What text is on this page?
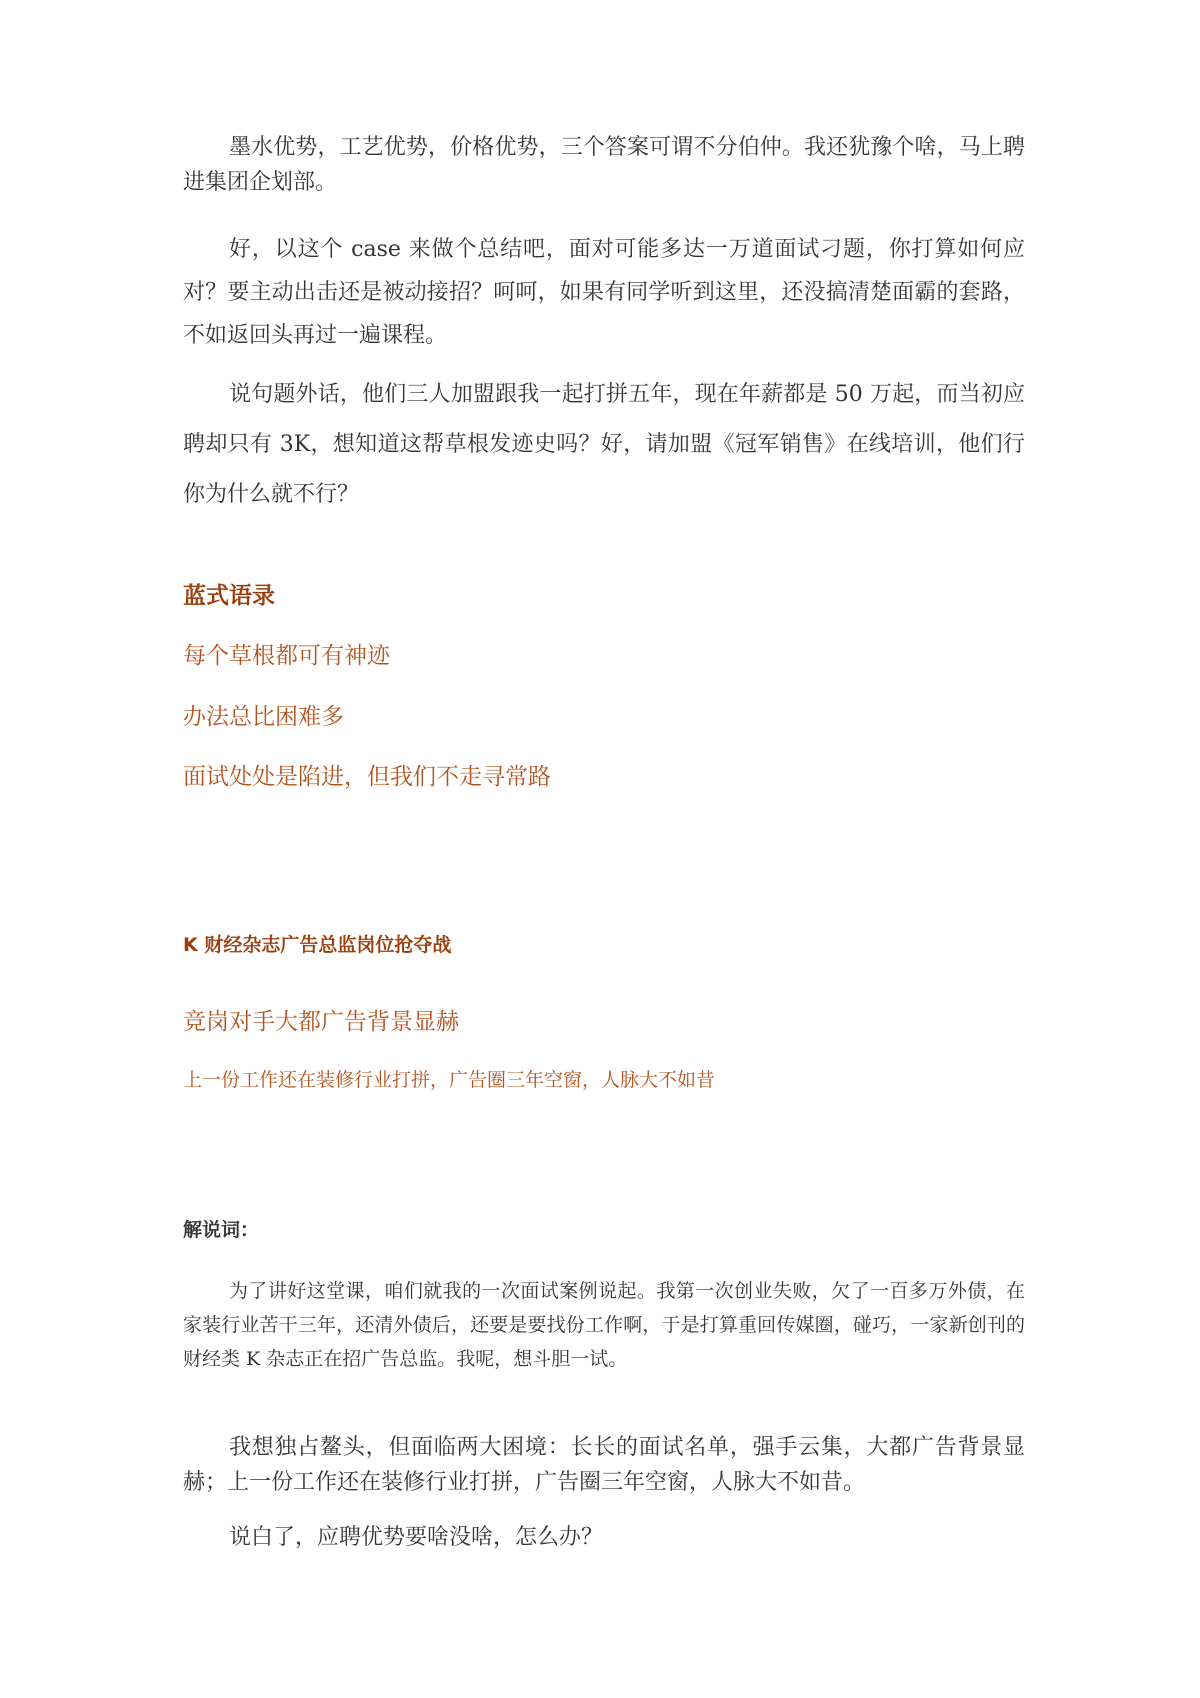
墨水优势，工艺优势，价格优势，三个答案可谓不分伯仲。我还犹豫个啥，马上聘进集团企划部。

好，以这个 case 来做个总结吧，面对可能多达一万道面试刁题，你打算如何应对？要主动出击还是被动接招？呵呵，如果有同学听到这里，还没搞清楚面霸的套路，不如返回头再过一遍课程。

说句题外话，他们三人加盟跟我一起打拼五年，现在年薪都是 50 万起，而当初应聘却只有 3K，想知道这帮草根发迹史吗？好，请加盟《冠军销售》在线培训，他们行你为什么就不行？

蓝式语录
每个草根都可有神迹
办法总比困难多
面试处处是陷进，但我们不走寻常路
K 财经杂志广告总监岗位抢夺战
竞岗对手大都广告背景显赫
上一份工作还在装修行业打拼，广告圈三年空窗，人脉大不如昔
解说词：

为了讲好这堂课，咱们就我的一次面试案例说起。我第一次创业失败，欠了一百多万外债，在家装行业苦干三年，还清外债后，还要是要找份工作啊，于是打算重回传媒圈，碰巧，一家新创刊的财经类 K 杂志正在招广告总监。我呢，想斗胆一试。

我想独占鳌头，但面临两大困境：长长的面试名单，强手云集，大都广告背景显赫；上一份工作还在装修行业打拼，广告圈三年空窗，人脉大不如昔。

说白了，应聘优势要啥没啥，怎么办？
